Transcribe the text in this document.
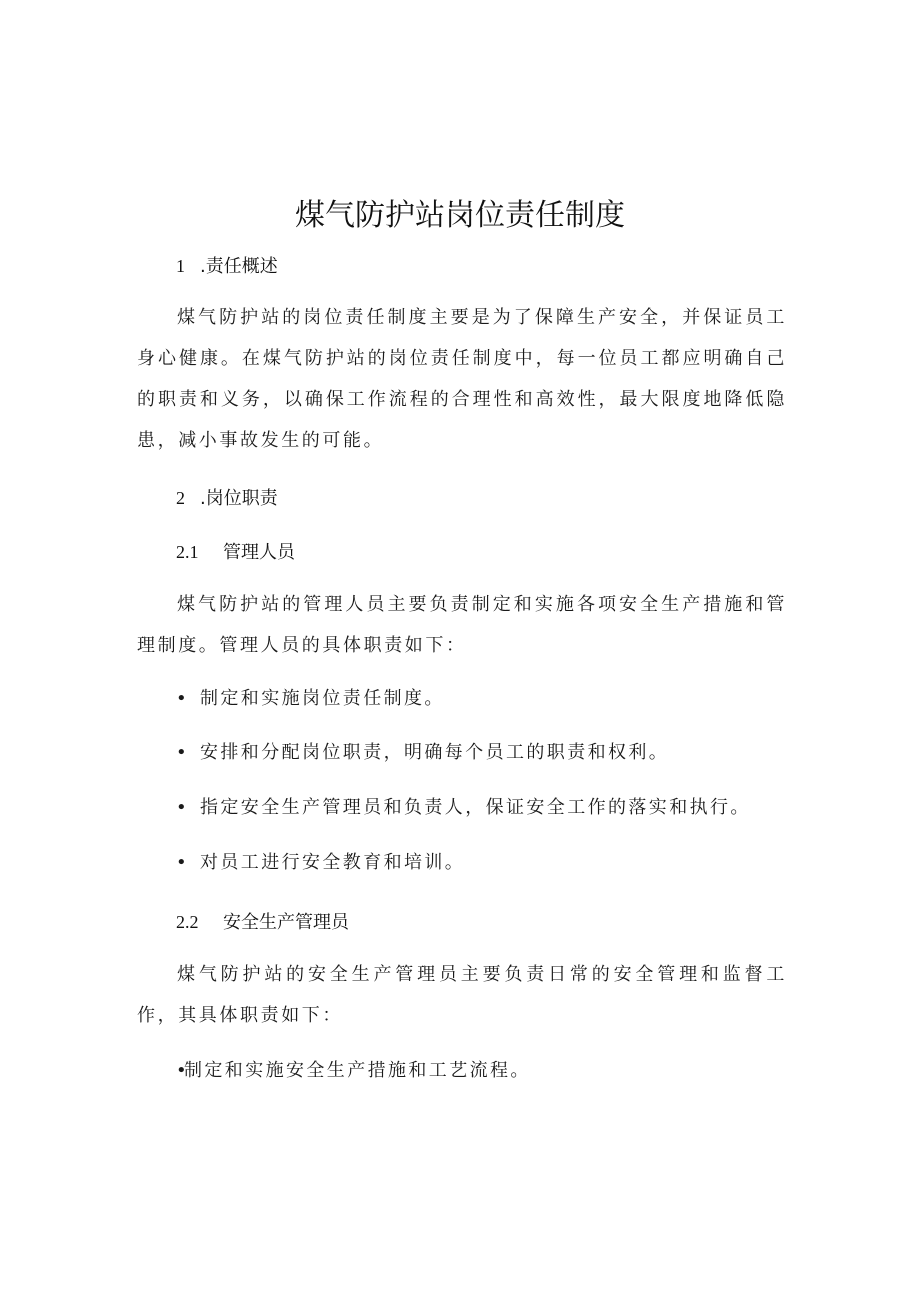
煤气防护站岗位责任制度
1 .责任概述

煤气防护站的岗位责任制度主要是为了保障生产安全，并保证员工身心健康。在煤气防护站的岗位责任制度中，每一位员工都应明确自己的职责和义务，以确保工作流程的合理性和高效性，最大限度地降低隐患，减小事故发生的可能。

2 .岗位职责
2.1 管理人员

煤气防护站的管理人员主要负责制定和实施各项安全生产措施和管理制度。管理人员的具体职责如下：

• 制定和实施岗位责任制度。
• 安排和分配岗位职责，明确每个员工的职责和权利。
• 指定安全生产管理员和负责人，保证安全工作的落实和执行。
• 对员工进行安全教育和培训。
2.2 安全生产管理员

煤气防护站的安全生产管理员主要负责日常的安全管理和监督工作，其具体职责如下：

•制定和实施安全生产措施和工艺流程。
